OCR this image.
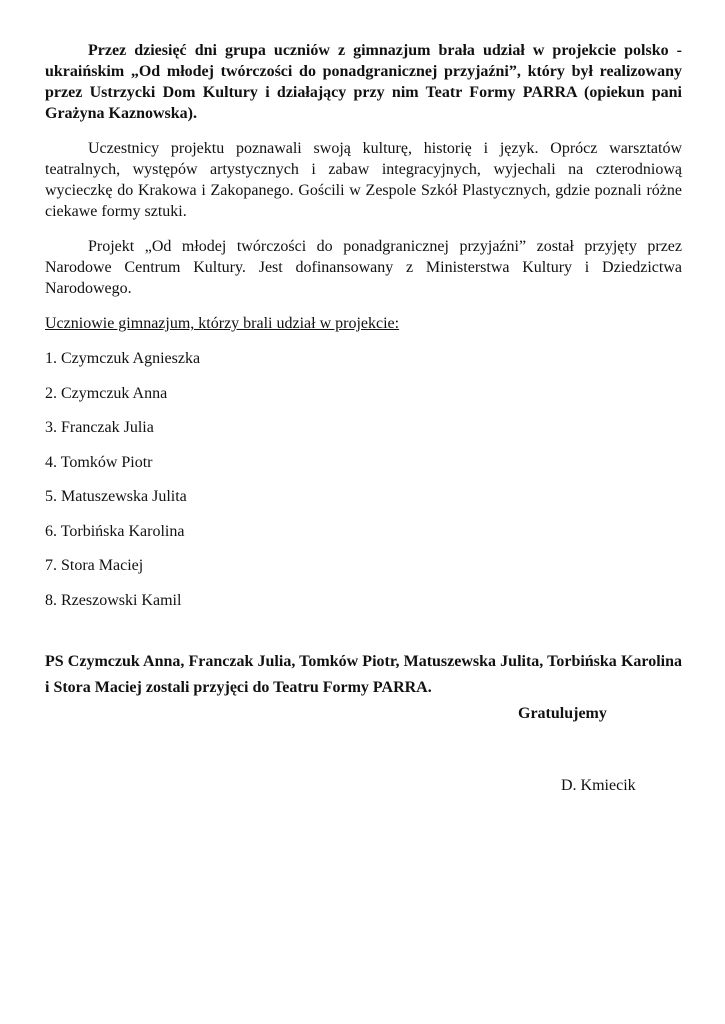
Przez dziesięć dni grupa uczniów z gimnazjum brała udział w projekcie polsko - ukraińskim „Od młodej twórczości do ponadgranicznej przyjaźni”, który był realizowany przez Ustrzycki Dom Kultury i działający przy nim Teatr Formy PARRA (opiekun pani Grażyna Kaznowska).

Uczestnicy projektu poznawali swoją kulturę, historię i język. Oprócz warsztatów teatralnych, występów artystycznych i zabaw integracyjnych, wyjechali na czterodniową wycieczkę do Krakowa i Zakopanego. Gościli w Zespole Szkół Plastycznych, gdzie poznali różne ciekawe formy sztuki.

Projekt „Od młodej twórczości do ponadgranicznej przyjaźni” został przyjęty przez Narodowe Centrum Kultury. Jest dofinansowany z Ministerstwa Kultury i Dziedzictwa Narodowego.

Uczniowie gimnazjum, którzy brali udział w projekcie:
1. Czymczuk Agnieszka
2. Czymczuk Anna
3. Franczak Julia
4. Tomków Piotr
5. Matuszewska Julita
6. Torbińska Karolina
7. Stora Maciej
8. Rzeszowski Kamil

PS Czymczuk Anna, Franczak Julia, Tomków Piotr, Matuszewska Julita, Torbińska Karolina i Stora Maciej zostali przyjęci do Teatru Formy PARRA.

Gratulujemy
D. Kmiecik
